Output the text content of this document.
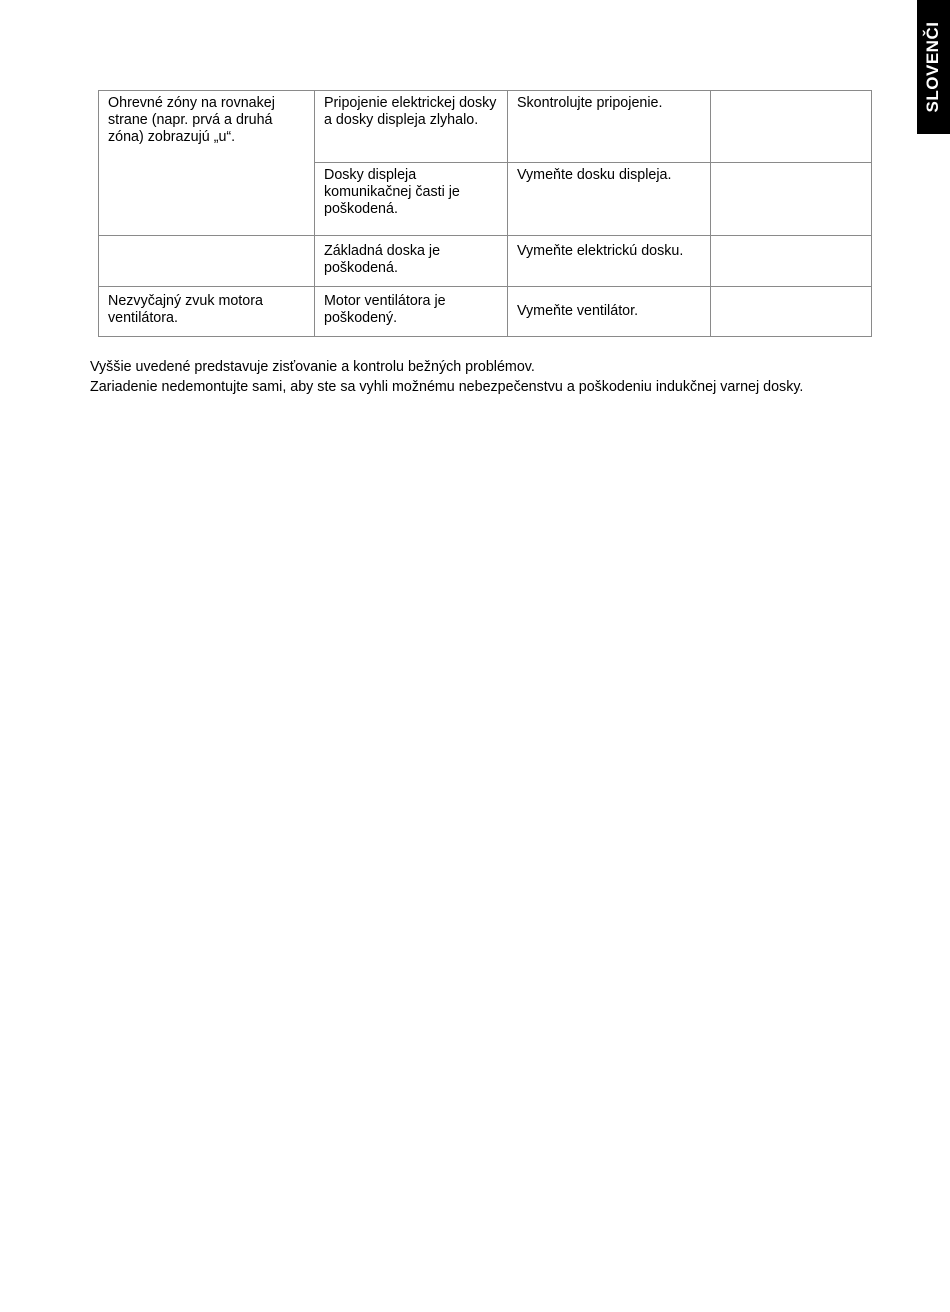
SLOVENČI
Ohrevné zóny na rovnakej strane (napr. prvá a druhá zóna) zobrazujú „u“.	Pripojenie elektrickej dosky a dosky displeja zlyhalo.	Skontrolujte pripojenie.	
	Dosky displeja komunikačnej časti je poškodená.	Vymeňte dosku displeja.	
	Základná doska je poškodená.	Vymeňte elektrickú dosku.	
Nezvyčajný zvuk motora ventilátora.	Motor ventilátora je poškodený.	Vymeňte ventilátor.	
Vyššie uvedené predstavuje zisťovanie a kontrolu bežných problémov.
Zariadenie nedemontujte sami, aby ste sa vyhli možnému nebezpečenstvu a poškodeniu indukčnej varnej dosky.
